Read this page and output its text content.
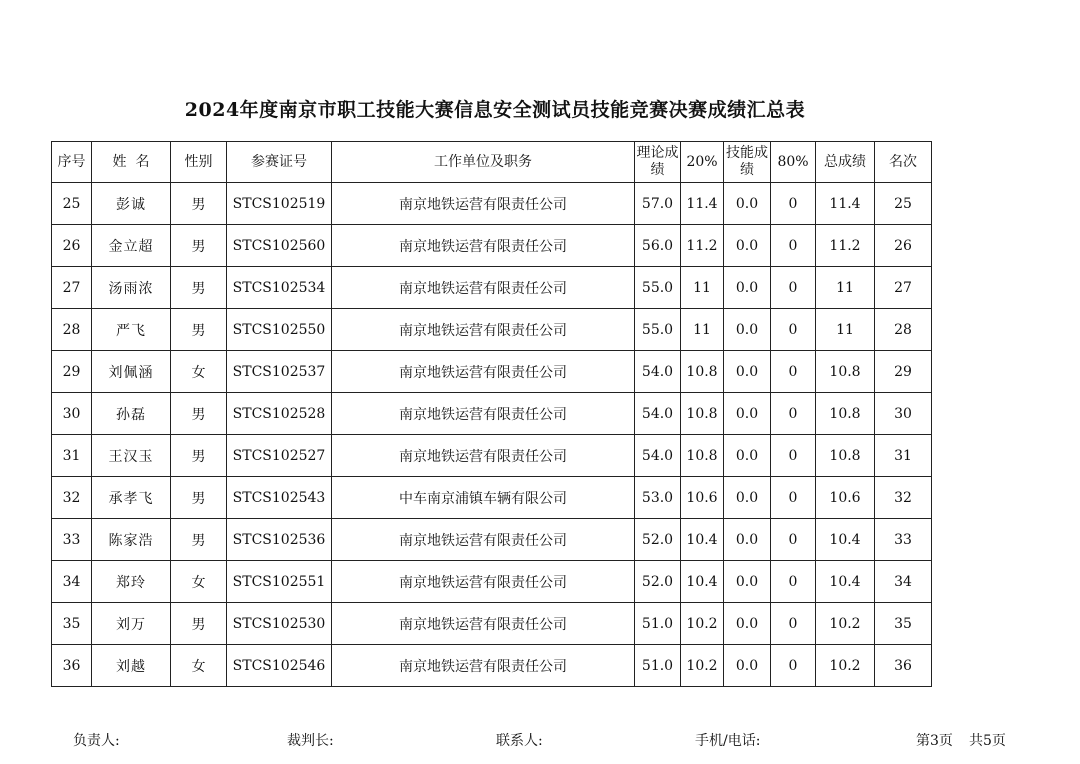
2024年度南京市职工技能大赛信息安全测试员技能竞赛决赛成绩汇总表
序号	姓  名	性别	参赛证号	工作单位及职务	理论成绩	20%	技能成绩	80%	总成绩	名次
25	彭诚	男	STCS102519	南京地铁运营有限责任公司	57.0	11.4	0.0	0	11.4	25
26	金立超	男	STCS102560	南京地铁运营有限责任公司	56.0	11.2	0.0	0	11.2	26
27	汤雨浓	男	STCS102534	南京地铁运营有限责任公司	55.0	11	0.0	0	11	27
28	严飞	男	STCS102550	南京地铁运营有限责任公司	55.0	11	0.0	0	11	28
29	刘佩涵	女	STCS102537	南京地铁运营有限责任公司	54.0	10.8	0.0	0	10.8	29
30	孙磊	男	STCS102528	南京地铁运营有限责任公司	54.0	10.8	0.0	0	10.8	30
31	王汉玉	男	STCS102527	南京地铁运营有限责任公司	54.0	10.8	0.0	0	10.8	31
32	承孝飞	男	STCS102543	中车南京浦镇车辆有限公司	53.0	10.6	0.0	0	10.6	32
33	陈家浩	男	STCS102536	南京地铁运营有限责任公司	52.0	10.4	0.0	0	10.4	33
34	郑玲	女	STCS102551	南京地铁运营有限责任公司	52.0	10.4	0.0	0	10.4	34
35	刘万	男	STCS102530	南京地铁运营有限责任公司	51.0	10.2	0.0	0	10.2	35
36	刘越	女	STCS102546	南京地铁运营有限责任公司	51.0	10.2	0.0	0	10.2	36
负责人:	裁判长:	联系人:	手机/电话:	第3页 共5页
